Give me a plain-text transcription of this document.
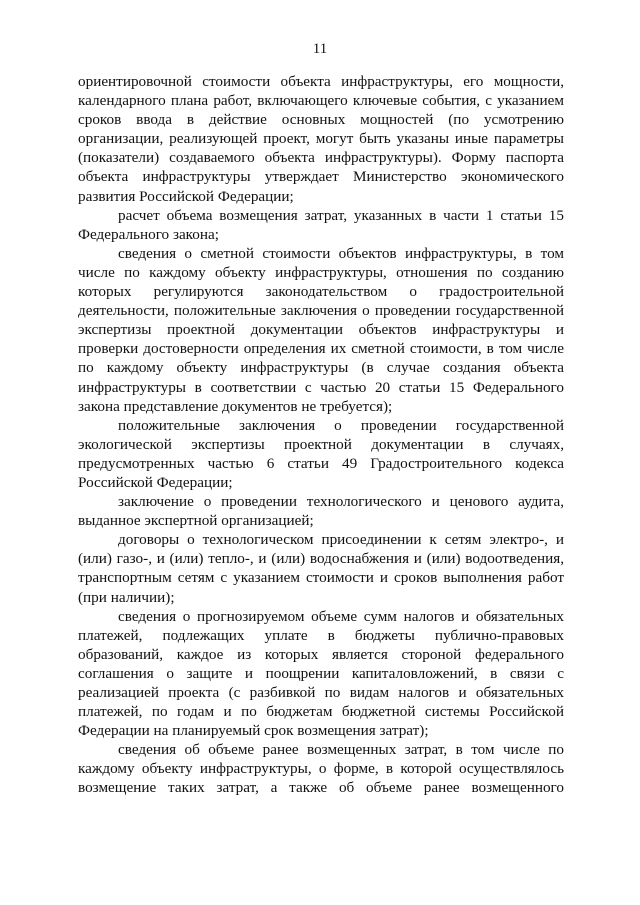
11

ориентировочной стоимости объекта инфраструктуры, его мощности, календарного плана работ, включающего ключевые события, с указанием сроков ввода в действие основных мощностей (по усмотрению организации, реализующей проект, могут быть указаны иные параметры (показатели) создаваемого объекта инфраструктуры). Форму паспорта объекта инфраструктуры утверждает Министерство экономического развития Российской Федерации;

расчет объема возмещения затрат, указанных в части 1 статьи 15 Федерального закона;

сведения о сметной стоимости объектов инфраструктуры, в том числе по каждому объекту инфраструктуры, отношения по созданию которых регулируются законодательством о градостроительной деятельности, положительные заключения о проведении государственной экспертизы проектной документации объектов инфраструктуры и проверки достоверности определения их сметной стоимости, в том числе по каждому объекту инфраструктуры (в случае создания объекта инфраструктуры в соответствии с частью 20 статьи 15 Федерального закона представление документов не требуется);

положительные заключения о проведении государственной экологической экспертизы проектной документации в случаях, предусмотренных частью 6 статьи 49 Градостроительного кодекса Российской Федерации;

заключение о проведении технологического и ценового аудита, выданное экспертной организацией;

договоры о технологическом присоединении к сетям электро-, и (или) газо-, и (или) тепло-, и (или) водоснабжения и (или) водоотведения, транспортным сетям с указанием стоимости и сроков выполнения работ (при наличии);

сведения о прогнозируемом объеме сумм налогов и обязательных платежей, подлежащих уплате в бюджеты публично-правовых образований, каждое из которых является стороной федерального соглашения о защите и поощрении капиталовложений, в связи с реализацией проекта (с разбивкой по видам налогов и обязательных платежей, по годам и по бюджетам бюджетной системы Российской Федерации на планируемый срок возмещения затрат);

сведения об объеме ранее возмещенных затрат, в том числе по каждому объекту инфраструктуры, о форме, в которой осуществлялось возмещение таких затрат, а также об объеме ранее возмещенного
